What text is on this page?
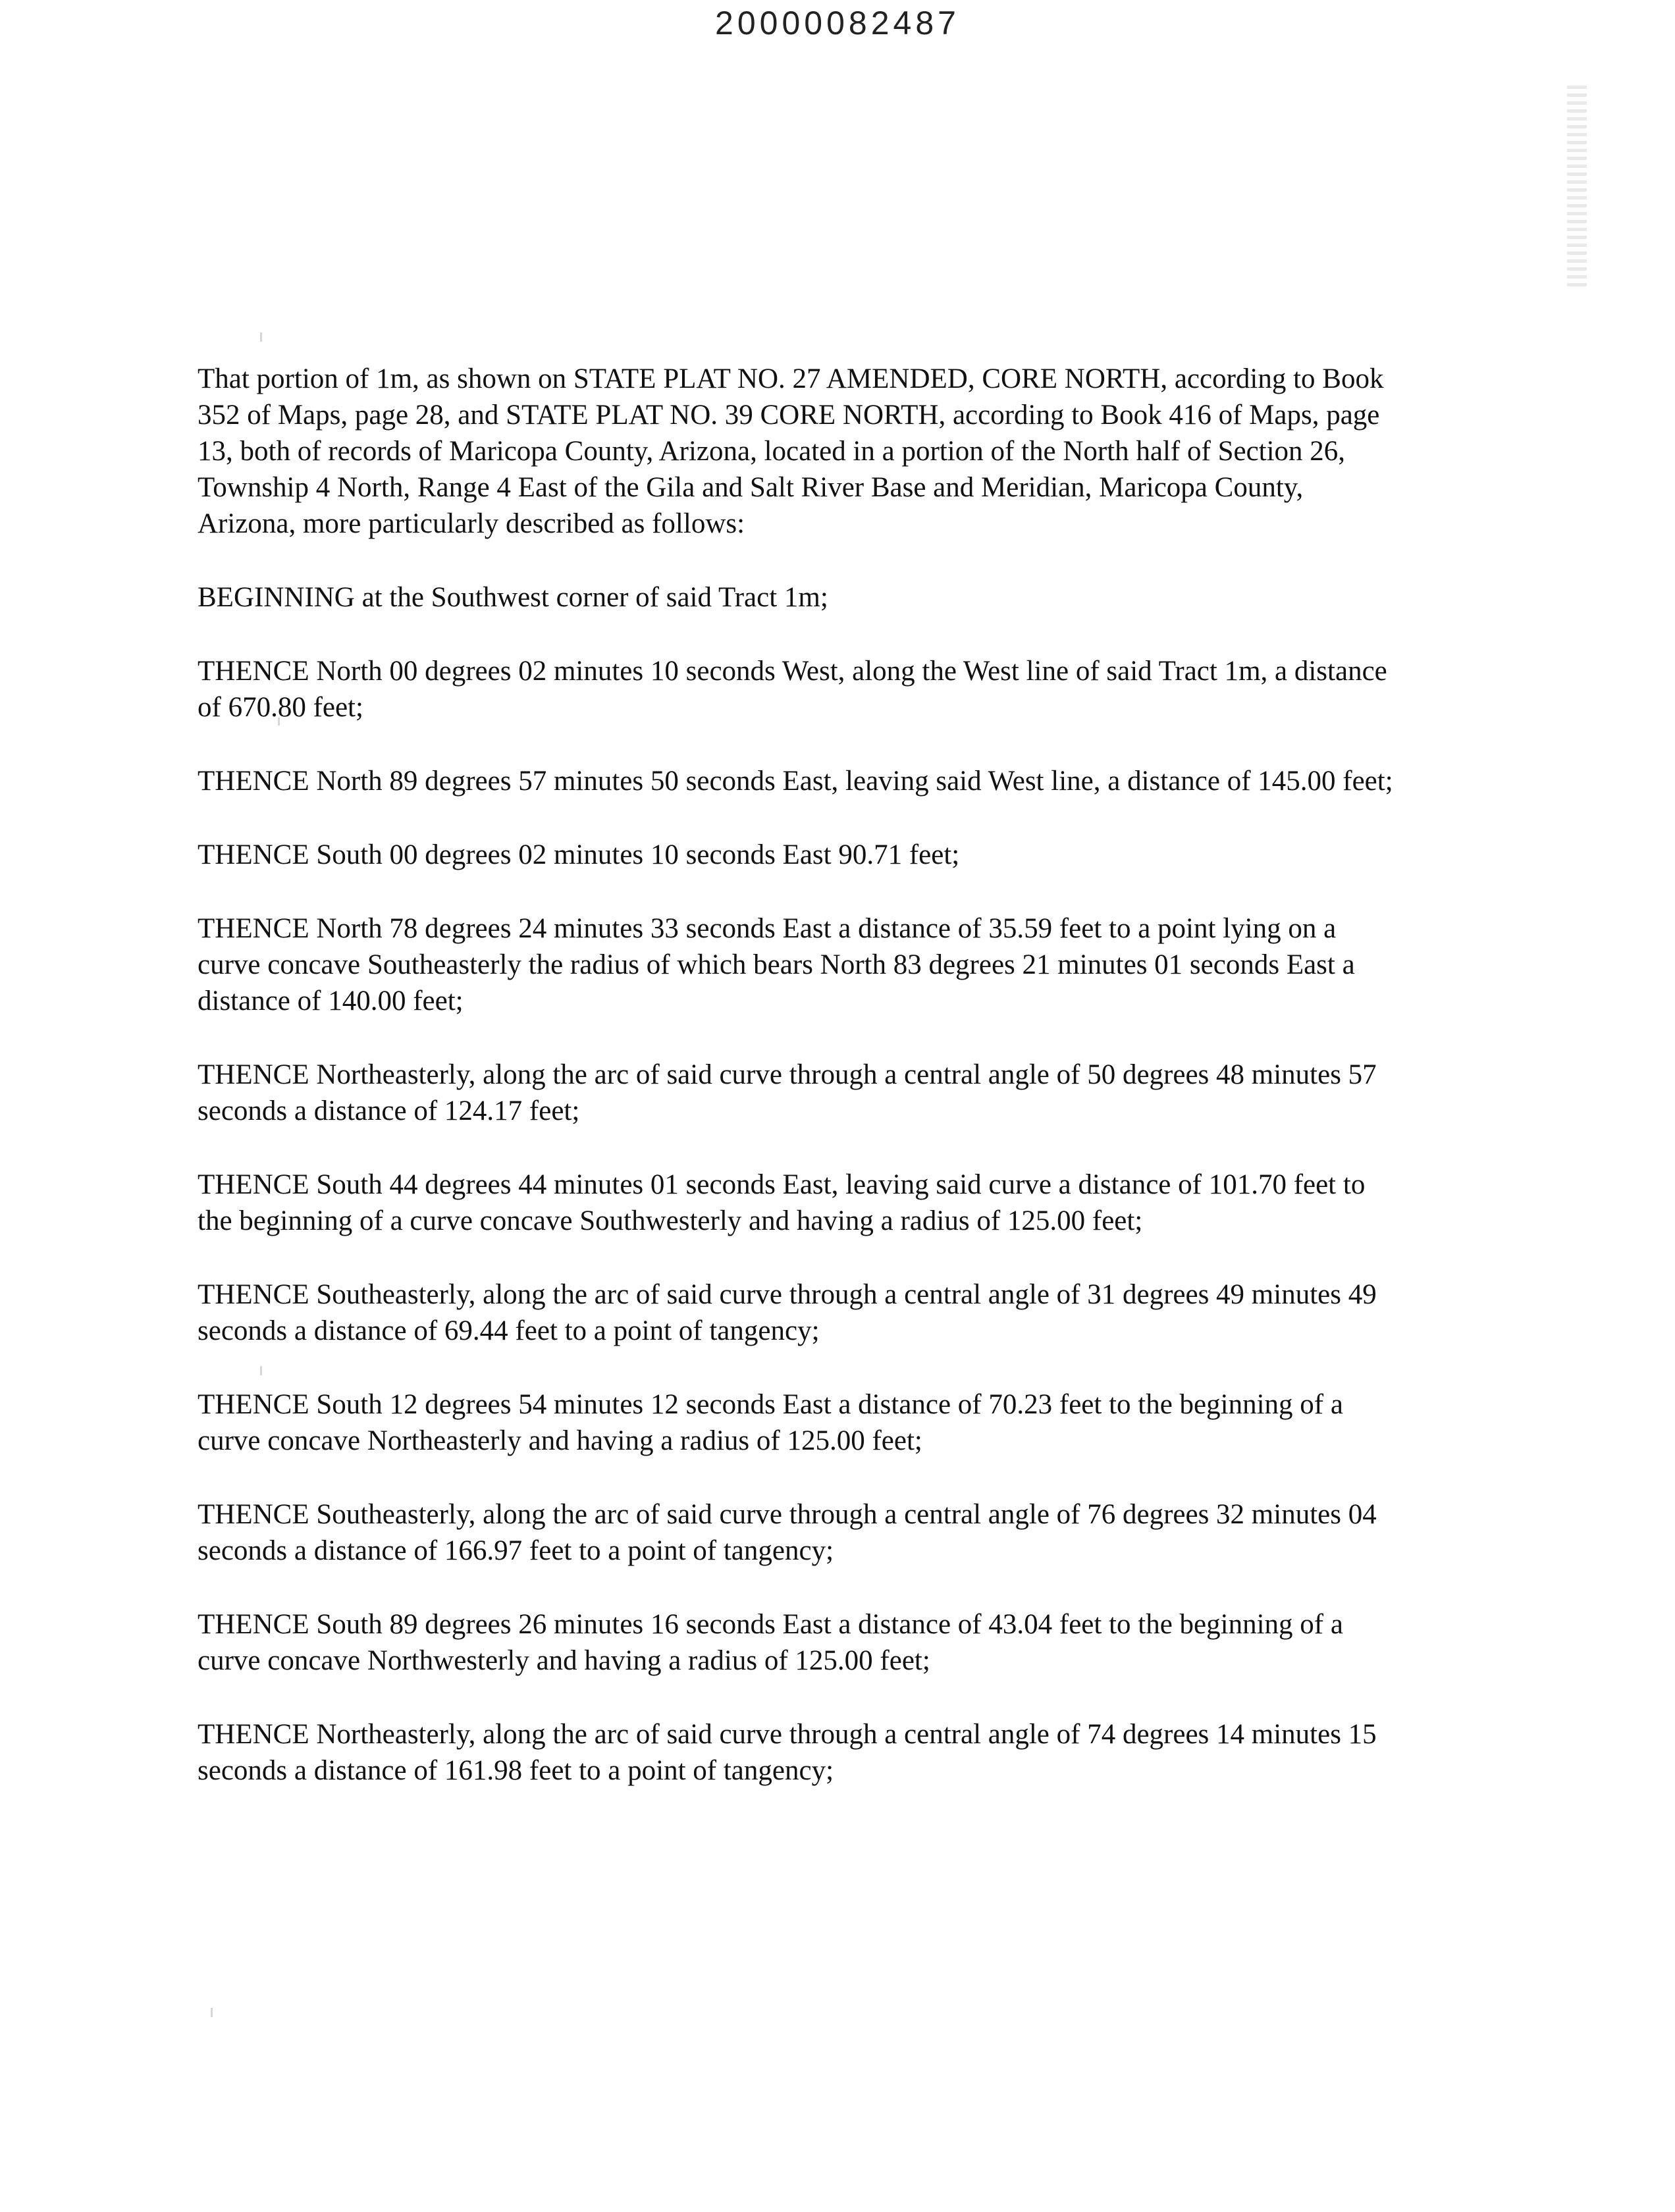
20000082487
That portion of 1m, as shown on STATE PLAT NO. 27 AMENDED, CORE NORTH, according to Book
352 of Maps, page 28, and STATE PLAT NO. 39 CORE NORTH, according to Book 416 of Maps, page
13, both of records of Maricopa County, Arizona, located in a portion of the North half of Section 26,
Township 4 North, Range 4 East of the Gila and Salt River Base and Meridian, Maricopa County,
Arizona, more particularly described as follows:
BEGINNING at the Southwest corner of said Tract 1m;
THENCE North 00 degrees 02 minutes 10 seconds West, along the West line of said Tract 1m, a distance
of 670.80 feet;
THENCE North 89 degrees 57 minutes 50 seconds East, leaving said West line, a distance of 145.00 feet;
THENCE South 00 degrees 02 minutes 10 seconds East 90.71 feet;
THENCE North 78 degrees 24 minutes 33 seconds East a distance of 35.59 feet to a point lying on a
curve concave Southeasterly the radius of which bears North 83 degrees 21 minutes 01 seconds East a
distance of 140.00 feet;
THENCE Northeasterly, along the arc of said curve through a central angle of 50 degrees 48 minutes 57
seconds a distance of 124.17 feet;
THENCE South 44 degrees 44 minutes 01 seconds East, leaving said curve a distance of 101.70 feet to
the beginning of a curve concave Southwesterly and having a radius of 125.00 feet;
THENCE Southeasterly, along the arc of said curve through a central angle of 31 degrees 49 minutes 49
seconds a distance of 69.44 feet to a point of tangency;
THENCE South 12 degrees 54 minutes 12 seconds East a distance of 70.23 feet to the beginning of a
curve concave Northeasterly and having a radius of 125.00 feet;
THENCE Southeasterly, along the arc of said curve through a central angle of 76 degrees 32 minutes 04
seconds a distance of 166.97 feet to a point of tangency;
THENCE South 89 degrees 26 minutes 16 seconds East a distance of 43.04 feet to the beginning of a
curve concave Northwesterly and having a radius of 125.00 feet;
THENCE Northeasterly, along the arc of said curve through a central angle of 74 degrees 14 minutes 15
seconds a distance of 161.98 feet to a point of tangency;
